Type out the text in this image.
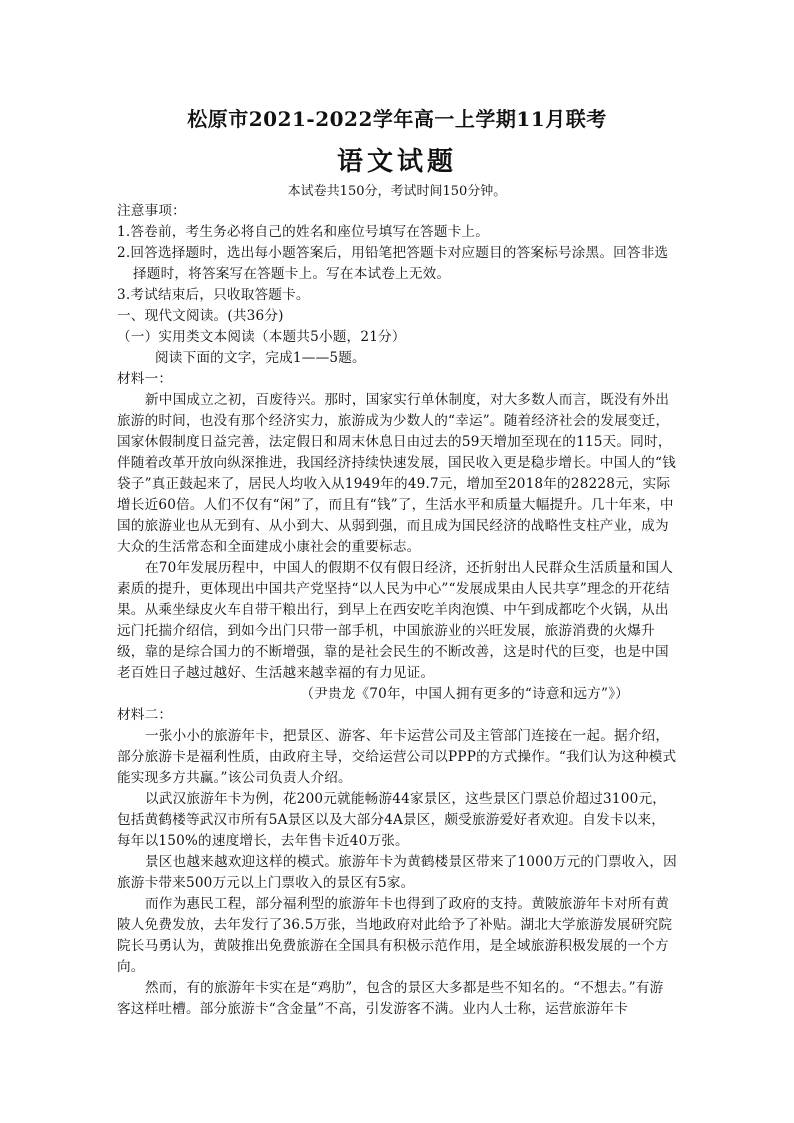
松原市2021-2022学年高一上学期11月联考
语文试题
本试卷共150分，考试时间150分钟。

注意事项：

1.答卷前，考生务必将自己的姓名和座位号填写在答题卡上。

2.回答选择题时，选出每小题答案后，用铅笔把答题卡对应题目的答案标号涂黑。回答非选择题时，将答案写在答题卡上。写在本试卷上无效。

3.考试结束后，只收取答题卡。

一、现代文阅读。(共36分)

（一）实用类文本阅读（本题共5小题，21分）

阅读下面的文字，完成1——5题。

材料一：

新中国成立之初，百废待兴。那时，国家实行单休制度，对大多数人而言，既没有外出旅游的时间，也没有那个经济实力，旅游成为少数人的“幸运”。随着经济社会的发展变迁，国家休假制度日益完善，法定假日和周末休息日由过去的59天增加至现在的115天。同时，伴随着改革开放向纵深推进，我国经济持续快速发展，国民收入更是稳步增长。中国人的“钱袋子”真正鼓起来了，居民人均收入从1949年的49.7元，增加至2018年的28228元，实际增长近60倍。人们不仅有“闲”了，而且有“钱”了，生活水平和质量大幅提升。几十年来，中国的旅游业也从无到有、从小到大、从弱到强，而且成为国民经济的战略性支柱产业，成为大众的生活常态和全面建成小康社会的重要标志。

在70年发展历程中，中国人的假期不仅有假日经济，还折射出人民群众生活质量和国人素质的提升，更体现出中国共产党坚持“以人民为中心”“发展成果由人民共享”理念的开花结果。从乘坐绿皮火车自带干粮出行，到早上在西安吃羊肉泡馍、中午到成都吃个火锅，从出远门托揣介绍信，到如今出门只带一部手机，中国旅游业的兴旺发展，旅游消费的火爆升级，靠的是综合国力的不断增强，靠的是社会民生的不断改善，这是时代的巨变，也是中国老百姓日子越过越好、生活越来越幸福的有力见证。

（尹贵龙《70年，中国人拥有更多的“诗意和远方”》）

材料二：

一张小小的旅游年卡，把景区、游客、年卡运营公司及主管部门连接在一起。据介绍，部分旅游卡是福利性质，由政府主导，交给运营公司以PPP的方式操作。“我们认为这种模式能实现多方共赢。”该公司负责人介绍。

以武汉旅游年卡为例，花200元就能畅游44家景区，这些景区门票总价超过3100元，包括黄鹤楼等武汉市所有5A景区以及大部分4A景区，颇受旅游爱好者欢迎。自发卡以来，每年以150%的速度增长，去年售卡近40万张。

景区也越来越欢迎这样的模式。旅游年卡为黄鹤楼景区带来了1000万元的门票收入，因旅游卡带来500万元以上门票收入的景区有5家。

而作为惠民工程，部分福利型的旅游年卡也得到了政府的支持。黄陂旅游年卡对所有黄陂人免费发放，去年发行了36.5万张，当地政府对此给予了补贴。湖北大学旅游发展研究院院长马勇认为，黄陂推出免费旅游在全国具有积极示范作用，是全域旅游积极发展的一个方向。

然而，有的旅游年卡实在是“鸡肋”，包含的景区大多都是些不知名的。“不想去。”有游客这样吐槽。部分旅游卡“含金量”不高，引发游客不满。业内人士称，运营旅游年卡
